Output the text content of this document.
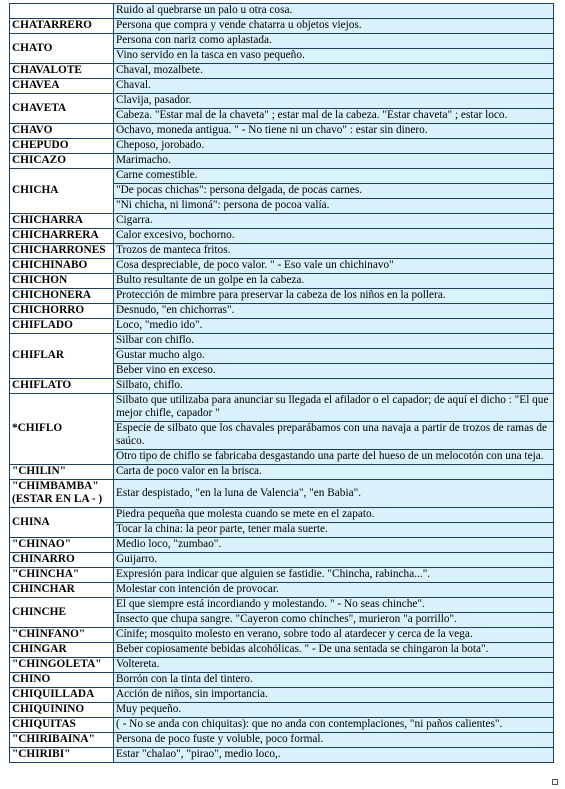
	Ruido al quebrarse un palo u otra cosa.
CHATARRERO	Persona que compra y vende chatarra u objetos viejos.
CHATO	Persona con nariz como aplastada.
	Vino servido en la tasca en vaso pequeño.
CHAVALOTE	Chaval, mozalbete.
CHAVEA	Chaval.
CHAVETA	Clavija, pasador.
	Cabeza. "Estar mal de la chaveta" ; estar mal de la cabeza. "Estar chaveta" ; estar loco.
CHAVO	Ochavo, moneda antigua. " - No tiene ni un chavo" : estar sin dinero.
CHEPUDO	Cheposo, jorobado.
CHICAZO	Marimacho.
CHICHA	Carne comestible.
	"De pocas chichas": persona delgada, de pocas carnes.
	"Ni chicha, ni limoná": persona de pocoa valía.
CHICHARRA	Cigarra.
CHICHARRERA	Calor excesivo, bochorno.
CHICHARRONES	Trozos de manteca fritos.
CHICHINABO	Cosa despreciable, de poco valor. " - Eso vale un chichinavo"
CHICHON	Bulto resultante de un golpe en la cabeza.
CHICHONERA	Protección de mimbre para preservar la cabeza de los niños en la pollera.
CHICHORRO	Desnudo, "en chichorras".
CHIFLADO	Loco, "medio ido".
CHIFLAR	Silbar con chiflo.
	Gustar mucho algo.
	Beber vino en exceso.
CHIFLATO	Silbato, chiflo.
*CHIFLO	Silbato que utilizaba para anunciar su llegada el afilador o el capador; de aquí el dicho : "El que mejor chifle, capador "
	Especie de silbato que los chavales preparábamos con una navaja a partir de trozos de ramas de saúco.
	Otro tipo de chiflo se fabricaba desgastando una parte del hueso de un melocotón con una teja.
"CHILIN"	Carta de poco valor en la brisca.
"CHIMBAMBA" (ESTAR EN LA - )	Estar despistado, "en la luna de Valencia", "en Babia".
CHINA	Piedra pequeña que molesta cuando se mete en el zapato.
	Tocar la china: la peor parte, tener mala suerte.
"CHINAO"	Medio loco, "zumbao".
CHINARRO	Guijarro.
"CHINCHA"	Expresión para indicar que alguien se fastidie. "Chincha, rabincha...".
CHINCHAR	Molestar con intención de provocar.
CHINCHE	El que siempre está incordiando y molestando. " - No seas chinche".
	Insecto que chupa sangre. "Cayeron como chinches", murieron "a porrillo".
"CHÍNFANO"	Cínife; mosquito molesto en verano, sobre todo al atardecer y cerca de la vega.
CHINGAR	Beber copiosamente bebidas alcohólicas. " - De una sentada se chingaron la bota".
"CHINGOLETA"	Voltereta.
CHINO	Borrón con la tinta del tintero.
CHIQUILLADA	Acción de niños, sin importancia.
CHIQUININO	Muy pequeño.
CHIQUITAS	( - No se anda con chiquitas): que no anda con contemplaciones, "ni paños calientes".
"CHIRIBAINA"	Persona de poco fuste y voluble, poco formal.
"CHIRIBI"	Estar "chalao", "pirao", medio loco,.
